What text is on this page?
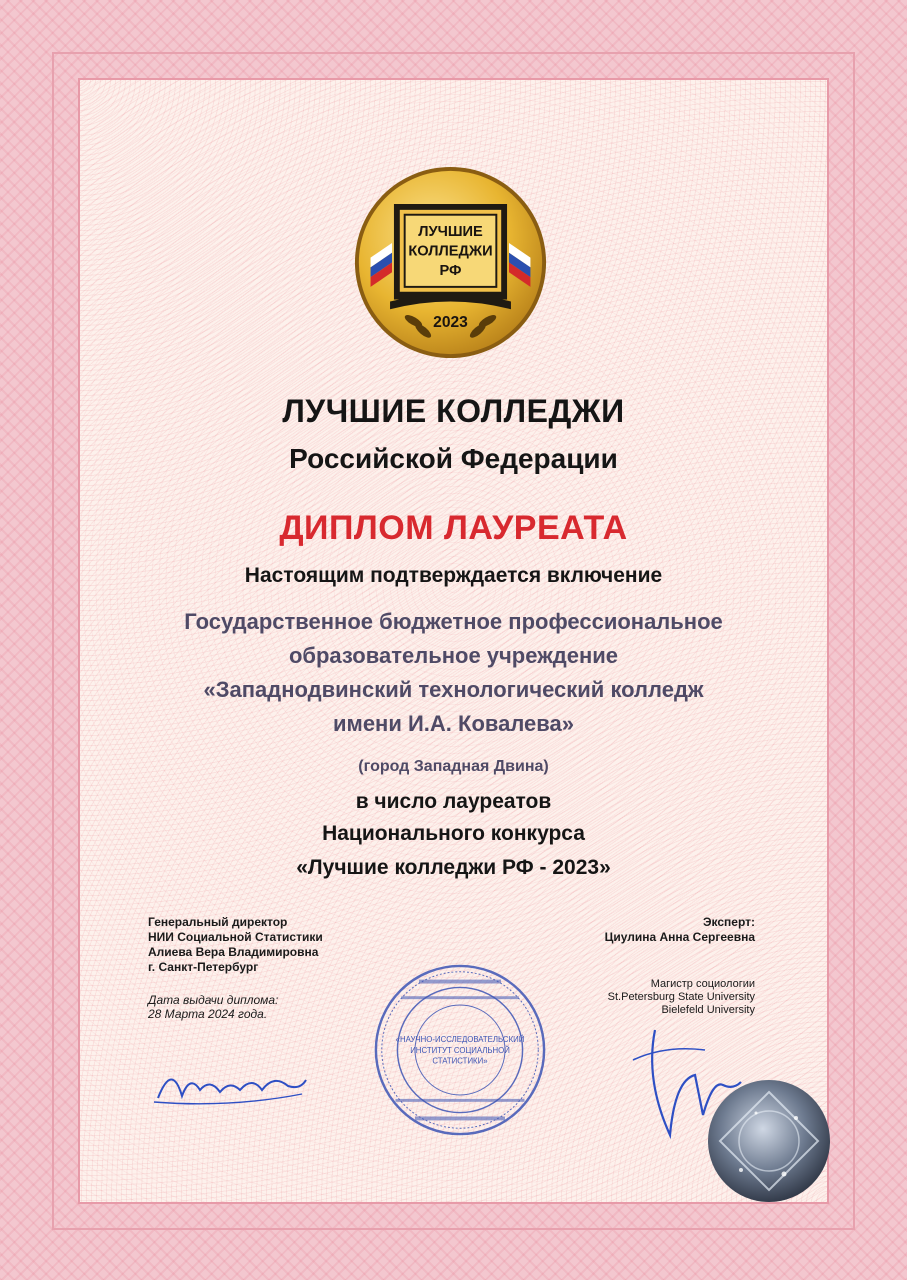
ЛУЧШИЕ
КОЛЛЕДЖИ
РФ
2023
ЛУЧШИЕ КОЛЛЕДЖИ
Российской Федерации
ДИПЛОМ ЛАУРЕАТА
Настоящим подтверждается включение
Государственное бюджетное профессиональное
образовательное учреждение
«Западнодвинский технологический колледж
имени И.А. Ковалева»
(город Западная Двина)
в число лауреатов
Национального конкурса
«Лучшие колледжи РФ - 2023»
Генеральный директор
НИИ Социальной Статистики
Алиева Вера Владимировна
г. Санкт-Петербург
Дата выдачи диплома:
28 Марта 2024 года.
Эксперт:
Циулина Анна Сергеевна
Магистр социологии
St.Petersburg State University
Bielefeld University
«НАУЧНО-ИССЛЕДОВАТЕЛЬСКИЙ
ИНСТИТУТ СОЦИАЛЬНОЙ
СТАТИСТИКИ»
